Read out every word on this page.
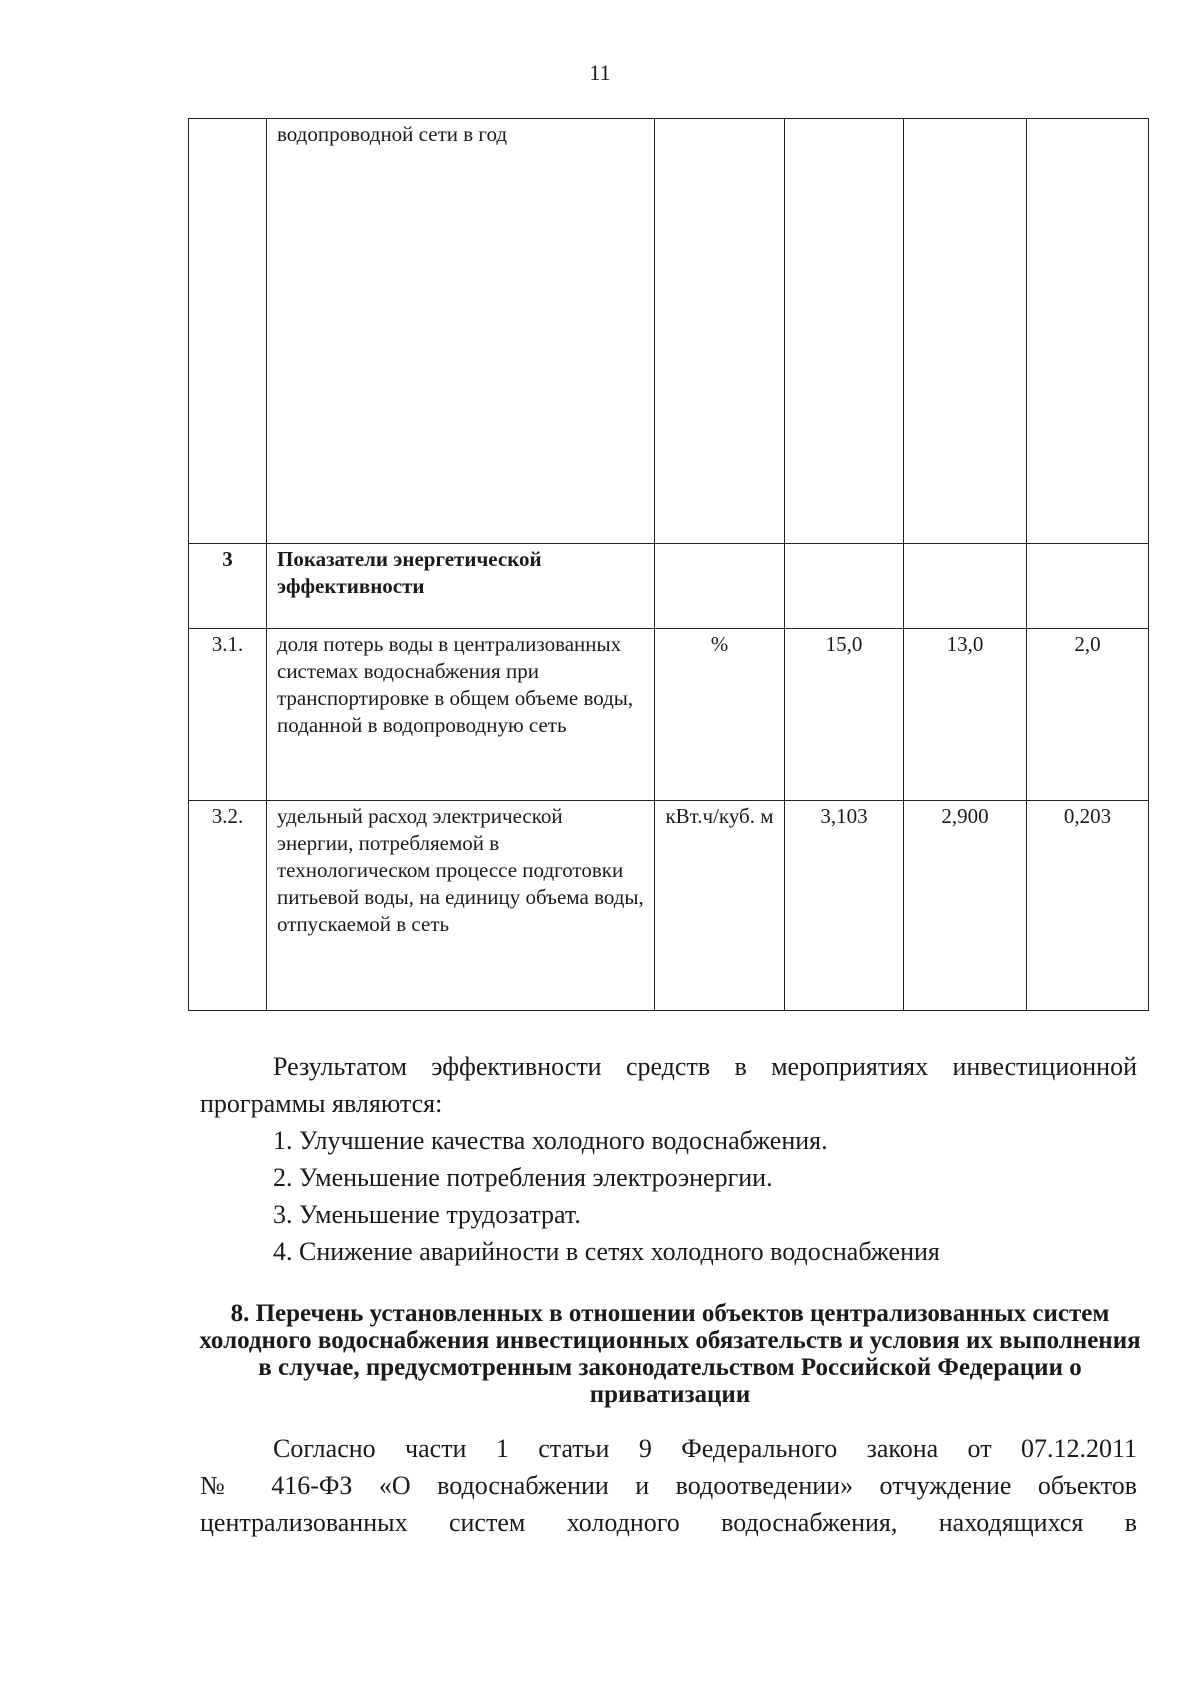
11
	водопроводной сети в год				
3	Показатели энергетической эффективности				
3.1.	доля потерь воды в централизованных системах водоснабжения при транспортировке в общем объеме воды, поданной в водопроводную сеть	%	15,0	13,0	2,0
3.2.	удельный расход электрической энергии, потребляемой в технологическом процессе подготовки питьевой воды, на единицу объема воды, отпускаемой в сеть	кВт.ч/куб. м	3,103	2,900	0,203

Результатом эффективности средств в мероприятиях инвестиционной программы являются:

1. Улучшение качества холодного водоснабжения.

2. Уменьшение потребления электроэнергии.

3. Уменьшение трудозатрат.

4. Снижение аварийности в сетях холодного водоснабжения

8. Перечень установленных в отношении объектов централизованных систем холодного водоснабжения инвестиционных обязательств и условия их выполнения в случае, предусмотренным законодательством Российской Федерации о приватизации

Согласно части 1 статьи 9 Федерального закона от 07.12.2011

№ 416-ФЗ «О водоснабжении и водоотведении» отчуждение объектов

централизованных систем холодного водоснабжения, находящихся в
